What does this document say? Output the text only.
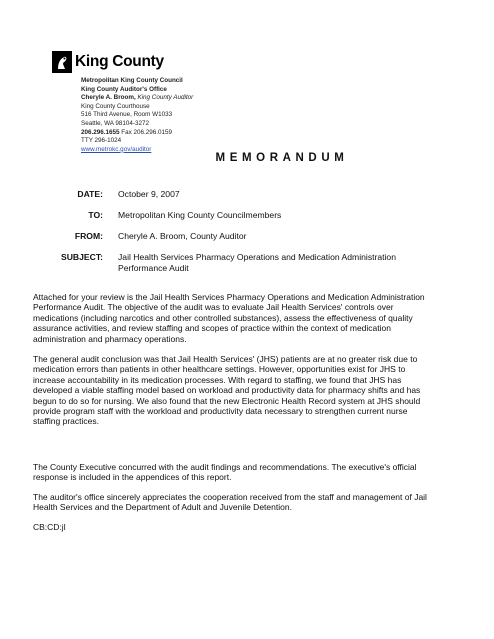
King County
Metropolitan King County Council
King County Auditor's Office
Cheryle A. Broom, King County Auditor
King County Courthouse
516 Third Avenue, Room W1033
Seattle, WA 98104-3272
206.296.1655 Fax 206.296.0159
TTY 296-1024
www.metrokc.gov/auditor
MEMORANDUM
DATE: October 9, 2007
TO: Metropolitan King County Councilmembers
FROM: Cheryle A. Broom, County Auditor
SUBJECT: Jail Health Services Pharmacy Operations and Medication Administration Performance Audit
Attached for your review is the Jail Health Services Pharmacy Operations and Medication Administration Performance Audit. The objective of the audit was to evaluate Jail Health Services' controls over medications (including narcotics and other controlled substances), assess the effectiveness of quality assurance activities, and review staffing and scopes of practice within the context of medication administration and pharmacy operations.
The general audit conclusion was that Jail Health Services' (JHS) patients are at no greater risk due to medication errors than patients in other healthcare settings. However, opportunities exist for JHS to increase accountability in its medication processes. With regard to staffing, we found that JHS has developed a viable staffing model based on workload and productivity data for pharmacy shifts and has begun to do so for nursing. We also found that the new Electronic Health Record system at JHS should provide program staff with the workload and productivity data necessary to strengthen current nurse staffing practices.
The County Executive concurred with the audit findings and recommendations. The executive's official response is included in the appendices of this report.
The auditor's office sincerely appreciates the cooperation received from the staff and management of Jail Health Services and the Department of Adult and Juvenile Detention.
CB:CD:jl
